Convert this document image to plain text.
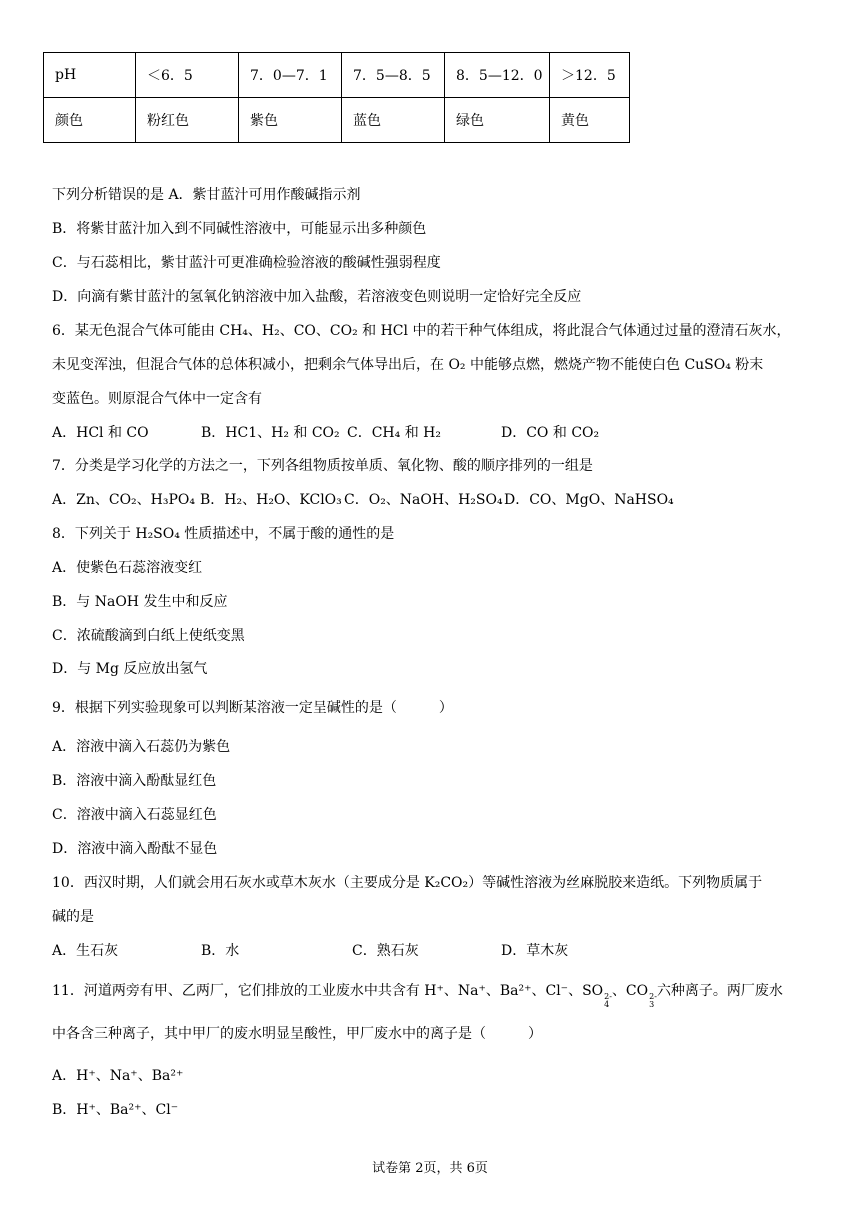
pH	＜6．5	7．0—7．1	7．5—8．5	8．5—12．0	＞12．5
颜色	粉红色	紫色	蓝色	绿色	黄色
下列分析错误的是 A．紫甘蓝汁可用作酸碱指示剂
B．将紫甘蓝汁加入到不同碱性溶液中，可能显示出多种颜色
C．与石蕊相比，紫甘蓝汁可更准确检验溶液的酸碱性强弱程度
D．向滴有紫甘蓝汁的氢氧化钠溶液中加入盐酸，若溶液变色则说明一定恰好完全反应
6．某无色混合气体可能由 CH₄、H₂、CO、CO₂ 和 HCl 中的若干种气体组成，将此混合气体通过过量的澄清石灰水，
未见变浑浊，但混合气体的总体积减小，把剩余气体导出后，在 O₂ 中能够点燃，燃烧产物不能使白色 CuSO₄ 粉末
变蓝色。则原混合气体中一定含有
A．HCl 和 CO	B．HC1、H₂ 和 CO₂ C．CH₄ 和 H₂	D．CO 和 CO₂
7．分类是学习化学的方法之一，下列各组物质按单质、氧化物、酸的顺序排列的一组是
A．Zn、CO₂、H₃PO₄ B．H₂、H₂O、KClO₃ C．O₂、NaOH、H₂SO₄D．CO、MgO、NaHSO₄
8．下列关于 H₂SO₄ 性质描述中，不属于酸的通性的是
A．使紫色石蕊溶液变红
B．与 NaOH 发生中和反应
C．浓硫酸滴到白纸上使纸变黑
D．与 Mg 反应放出氢气
9．根据下列实验现象可以判断某溶液一定呈碱性的是（　　　）
A．溶液中滴入石蕊仍为紫色
B．溶液中滴入酚酞显红色
C．溶液中滴入石蕊显红色
D．溶液中滴入酚酞不显色
10．西汉时期，人们就会用石灰水或草木灰水（主要成分是 K₂CO₂）等碱性溶液为丝麻脱胶来造纸。下列物质属于
碱的是
A．生石灰	B．水	C．熟石灰	D．草木灰
11．河道两旁有甲、乙两厂，它们排放的工业废水中共含有 H⁺、Na⁺、Ba²⁺、Cl⁻、SO 2-
4
、CO 2-
3
六种离子。两厂废水
中各含三种离子，其中甲厂的废水明显呈酸性，甲厂废水中的离子是（　　　）
A．H⁺、Na⁺、Ba²⁺
B．H⁺、Ba²⁺、Cl⁻
试卷第 2页，共 6页
